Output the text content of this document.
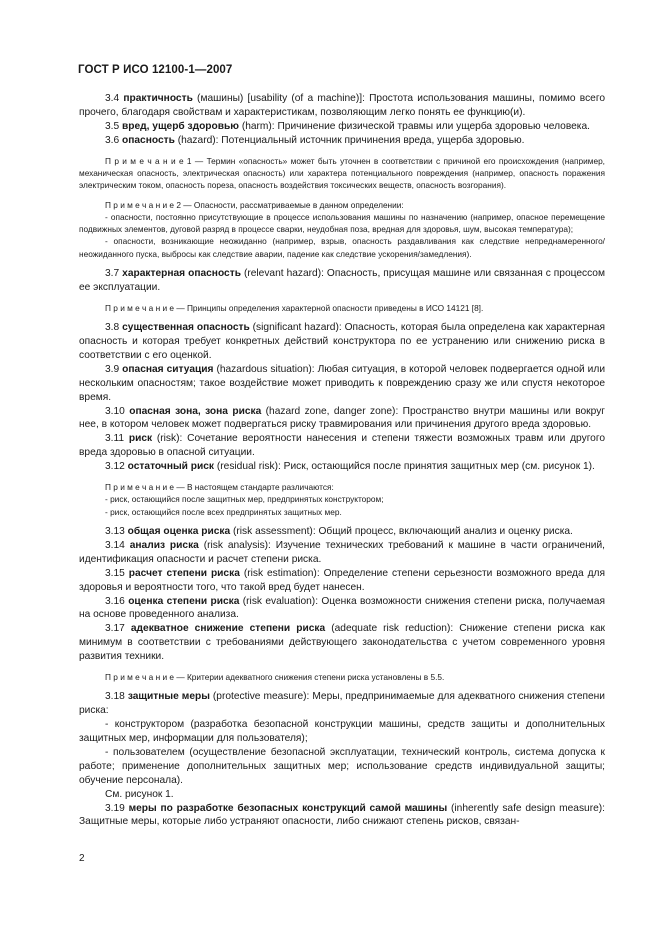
ГОСТ Р ИСО 12100-1—2007

3.4 практичность (машины) [usability (of a machine)]: Простота использования машины, помимо всего прочего, благодаря свойствам и характеристикам, позволяющим легко понять ее функцию(и).

3.5 вред, ущерб здоровью (harm): Причинение физической травмы или ущерба здоровью человека.

3.6 опасность (hazard): Потенциальный источник причинения вреда, ущерба здоровью.

П р и м е ч а н и е 1 — Термин «опасность» может быть уточнен в соответствии с причиной его происхождения (например, механическая опасность, электрическая опасность) или характера потенциального повреждения (например, опасность поражения электрическим током, опасность пореза, опасность воздействия токсических веществ, опасность возгорания).

П р и м е ч а н и е 2 — Опасности, рассматриваемые в данном определении:

- опасности, постоянно присутствующие в процессе использования машины по назначению (например, опасное перемещение подвижных элементов, дуговой разряд в процессе сварки, неудобная поза, вредная для здоровья, шум, высокая температура);

- опасности, возникающие неожиданно (например, взрыв, опасность раздавливания как следствие непреднамеренного/неожиданного пуска, выбросы как следствие аварии, падение как следствие ускорения/замедления).

3.7 характерная опасность (relevant hazard): Опасность, присущая машине или связанная с процессом ее эксплуатации.

П р и м е ч а н и е — Принципы определения характерной опасности приведены в ИСО 14121 [8].

3.8 существенная опасность (significant hazard): Опасность, которая была определена как характерная опасность и которая требует конкретных действий конструктора по ее устранению или снижению риска в соответствии с его оценкой.

3.9 опасная ситуация (hazardous situation): Любая ситуация, в которой человек подвергается одной или нескольким опасностям; такое воздействие может приводить к повреждению сразу же или спустя некоторое время.

3.10 опасная зона, зона риска (hazard zone, danger zone): Пространство внутри машины или вокруг нее, в котором человек может подвергаться риску травмирования или причинения другого вреда здоровью.

3.11 риск (risk): Сочетание вероятности нанесения и степени тяжести возможных травм или другого вреда здоровью в опасной ситуации.

3.12 остаточный риск (residual risk): Риск, остающийся после принятия защитных мер (см. рисунок 1).

П р и м е ч а н и е — В настоящем стандарте различаются:

- риск, остающийся после защитных мер, предпринятых конструктором;

- риск, остающийся после всех предпринятых защитных мер.

3.13 общая оценка риска (risk assessment): Общий процесс, включающий анализ и оценку риска.

3.14 анализ риска (risk analysis): Изучение технических требований к машине в части ограничений, идентификация опасности и расчет степени риска.

3.15 расчет степени риска (risk estimation): Определение степени серьезности возможного вреда для здоровья и вероятности того, что такой вред будет нанесен.

3.16 оценка степени риска (risk evaluation): Оценка возможности снижения степени риска, получаемая на основе проведенного анализа.

3.17 адекватное снижение степени риска (adequate risk reduction): Снижение степени риска как минимум в соответствии с требованиями действующего законодательства с учетом современного уровня развития техники.

П р и м е ч а н и е — Критерии адекватного снижения степени риска установлены в 5.5.

3.18 защитные меры (protective measure): Меры, предпринимаемые для адекватного снижения степени риска:

- конструктором (разработка безопасной конструкции машины, средств защиты и дополнительных защитных мер, информации для пользователя);

- пользователем (осуществление безопасной эксплуатации, технический контроль, система допуска к работе; применение дополнительных защитных мер; использование средств индивидуальной защиты; обучение персонала).

См. рисунок 1.

3.19 меры по разработке безопасных конструкций самой машины (inherently safe design measure): Защитные меры, которые либо устраняют опасности, либо снижают степень рисков, связан-

2
